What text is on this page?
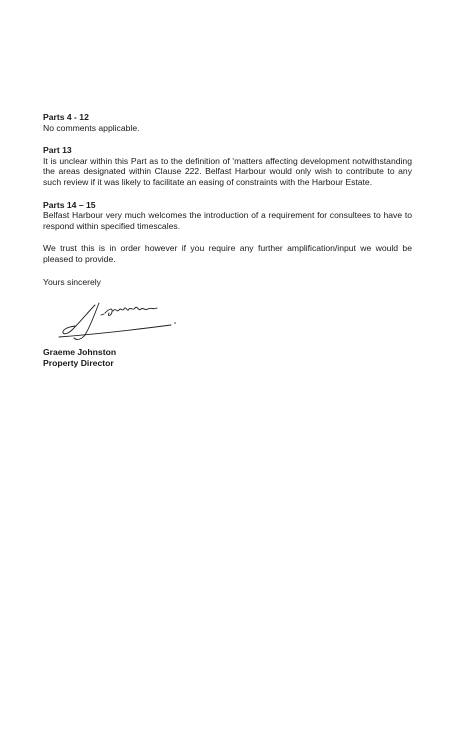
Parts 4 - 12
No comments applicable.
Part 13
It is unclear within this Part as to the definition of 'matters affecting development notwithstanding the areas designated within Clause 222. Belfast Harbour would only wish to contribute to any such review if it was likely to facilitate an easing of constraints with the Harbour Estate.
Parts 14 – 15
Belfast Harbour very much welcomes the introduction of a requirement for consultees to have to respond within specified timescales.
We trust this is in order however if you require any further amplification/input we would be pleased to provide.
Yours sincerely
Graeme Johnston
Property Director
